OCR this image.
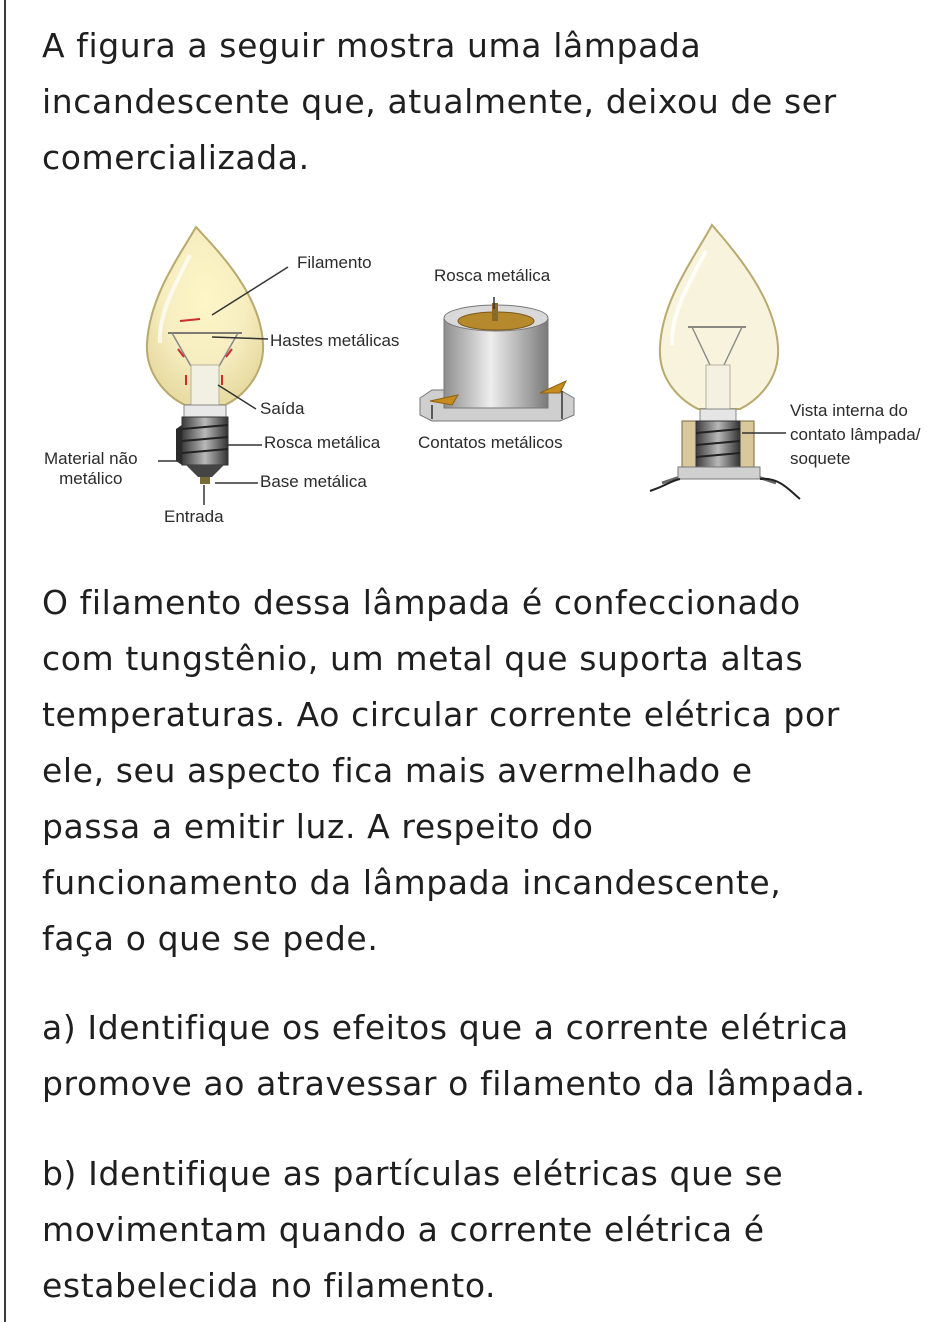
A figura a seguir mostra uma lâmpada
incandescente que, atualmente, deixou de ser
comercializada.

Filamento
Hastes metálicas
Saída
Rosca metálica
Base metálica
Material não
metálico
Entrada
Rosca metálica
Contatos metálicos
Vista interna do
contato lâmpada/
soquete

O filamento dessa lâmpada é confeccionado
com tungstênio, um metal que suporta altas
temperaturas. Ao circular corrente elétrica por
ele, seu aspecto fica mais avermelhado e
passa a emitir luz. A respeito do
funcionamento da lâmpada incandescente,
faça o que se pede.

a) Identifique os efeitos que a corrente elétrica
promove ao atravessar o filamento da lâmpada.

b) Identifique as partículas elétricas que se
movimentam quando a corrente elétrica é
estabelecida no filamento.
